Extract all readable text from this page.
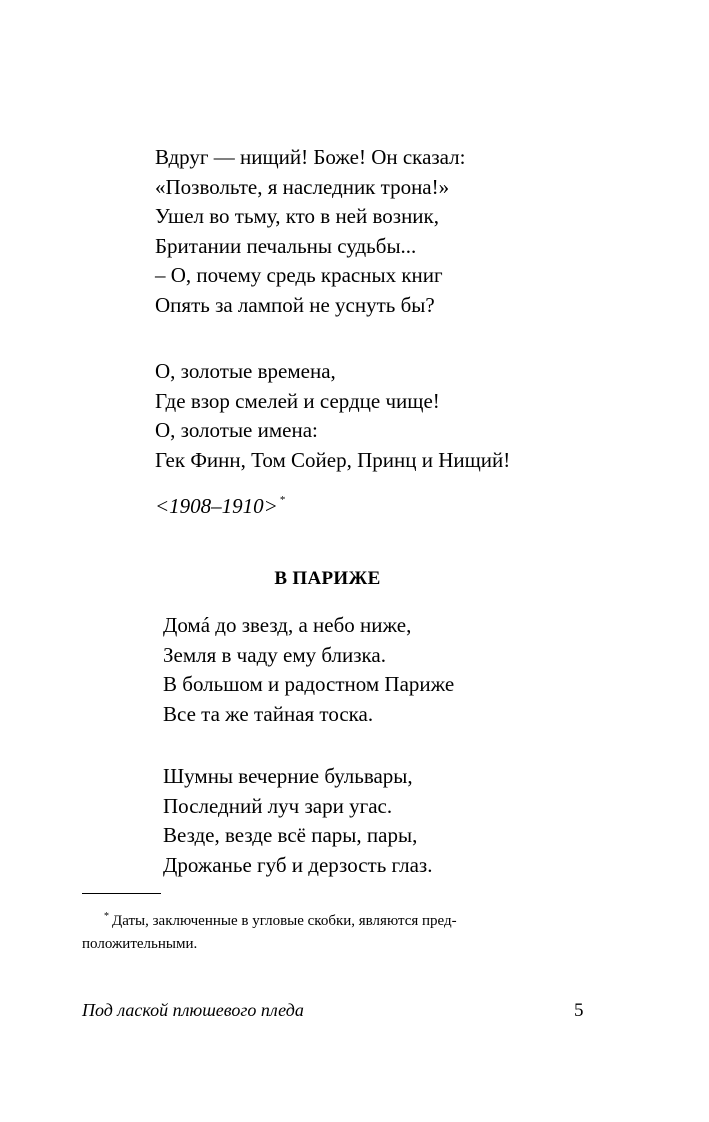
Вдруг — нищий! Боже! Он сказал:
«Позвольте, я наследник трона!»
Ушел во тьму, кто в ней возник,
Британии печальны судьбы...
– О, почему средь красных книг
Опять за лампой не уснуть бы?
О, золотые времена,
Где взор смелей и сердце чище!
О, золотые имена:
Гек Финн, Том Сойер, Принц и Нищий!
<1908–1910> *
В ПАРИЖЕ
Домá до звезд, а небо ниже,
Земля в чаду ему близка.
В большом и радостном Париже
Все та же тайная тоска.
Шумны вечерние бульвары,
Последний луч зари угас.
Везде, везде всё пары, пары,
Дрожанье губ и дерзость глаз.

* Даты, заключенные в угловые скобки, являются пред-
положительными.

Под лаской плюшевого пледа	5
